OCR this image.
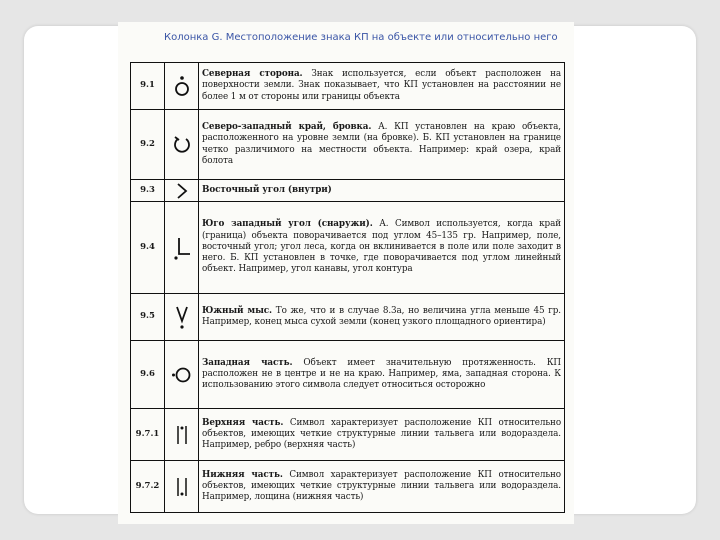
Колонка G. Местоположение знака КП на объекте или относительно него
9.1		Северная сторона. Знак используется, если объект расположен на поверхности земли. Знак показывает, что КП установлен на расстоянии не более 1 м от стороны или границы объекта
9.2		Северо-западный край, бровка. А. КП установлен на краю объекта, расположенного на уровне земли (на бровке). Б. КП установлен на границе четко различимого на местности объекта. Например: край озера, край болота
9.3		Восточный угол (внутри)
9.4		Юго западный угол (снаружи). А. Символ используется, когда край (граница) объекта поворачивается под углом 45–135 гр. Например, поле, восточный угол; угол леса, когда он вклинивается в поле или поле заходит в него. Б. КП установлен в точке, где поворачивается под углом линейный объект. Например, угол канавы, угол контура
9.5		Южный мыс. То же, что и в случае 8.3а, но величина угла меньше 45 гр. Например, конец мыса сухой земли (конец узкого площадного ориентира)
9.6		Западная часть. Объект имеет значительную протяженность. КП расположен не в центре и не на краю. Например, яма, западная сторона. К использованию этого символа следует относиться осторожно
9.7.1		Верхняя часть. Символ характеризует расположение КП относительно объектов, имеющих четкие структурные линии тальвега или водораздела. Например, ребро (верхняя часть)
9.7.2		Нижняя часть. Символ характеризует расположение КП относительно объектов, имеющих четкие структурные линии тальвега или водораздела. Например, лощина (нижняя часть)
